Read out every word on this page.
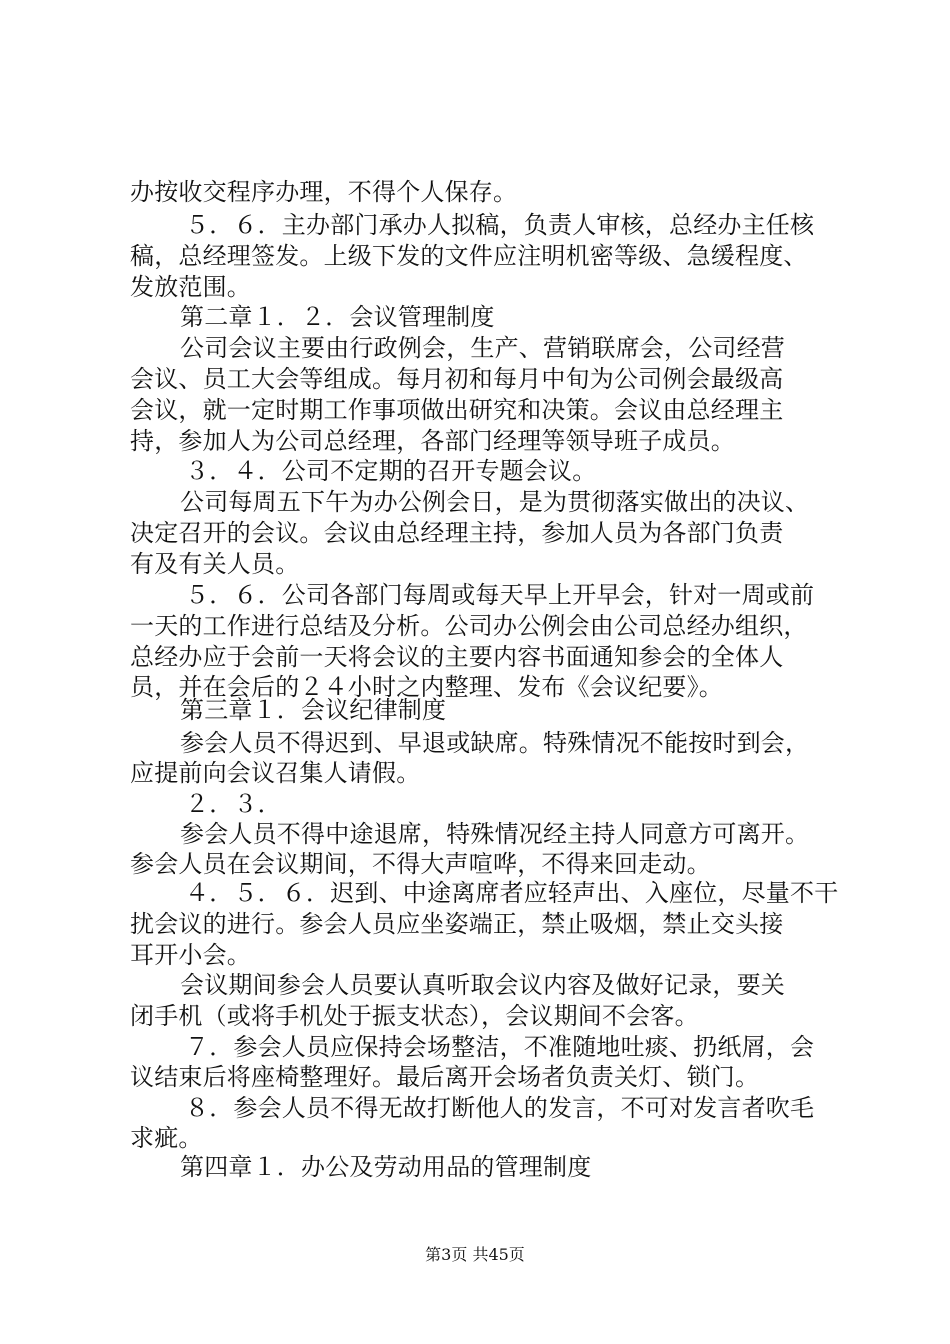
办按收交程序办理，不得个人保存。
５．６．主办部门承办人拟稿，负责人审核，总经办主任核
稿，总经理签发。上级下发的文件应注明机密等级、急缓程度、
发放范围。
第二章１．２．会议管理制度
公司会议主要由行政例会，生产、营销联席会，公司经营
会议、员工大会等组成。每月初和每月中旬为公司例会最级高
会议，就一定时期工作事项做出研究和决策。会议由总经理主
持，参加人为公司总经理，各部门经理等领导班子成员。
３．４．公司不定期的召开专题会议。
公司每周五下午为办公例会日，是为贯彻落实做出的决议、
决定召开的会议。会议由总经理主持，参加人员为各部门负责
有及有关人员。
５．６．公司各部门每周或每天早上开早会，针对一周或前
一天的工作进行总结及分析。公司办公例会由公司总经办组织，
总经办应于会前一天将会议的主要内容书面通知参会的全体人
员，并在会后的２４小时之内整理、发布《会议纪要》。
第三章１．会议纪律制度
参会人员不得迟到、早退或缺席。特殊情况不能按时到会，
应提前向会议召集人请假。
２．３．
参会人员不得中途退席，特殊情况经主持人同意方可离开。
参会人员在会议期间，不得大声喧哗，不得来回走动。
４．５．６．迟到、中途离席者应轻声出、入座位，尽量不干
扰会议的进行。参会人员应坐姿端正，禁止吸烟，禁止交头接
耳开小会。
会议期间参会人员要认真听取会议内容及做好记录，要关
闭手机（或将手机处于振支状态），会议期间不会客。
７．参会人员应保持会场整洁，不准随地吐痰、扔纸屑，会
议结束后将座椅整理好。最后离开会场者负责关灯、锁门。
８．参会人员不得无故打断他人的发言，不可对发言者吹毛
求疵。
第四章１．办公及劳动用品的管理制度
第3页 共45页
